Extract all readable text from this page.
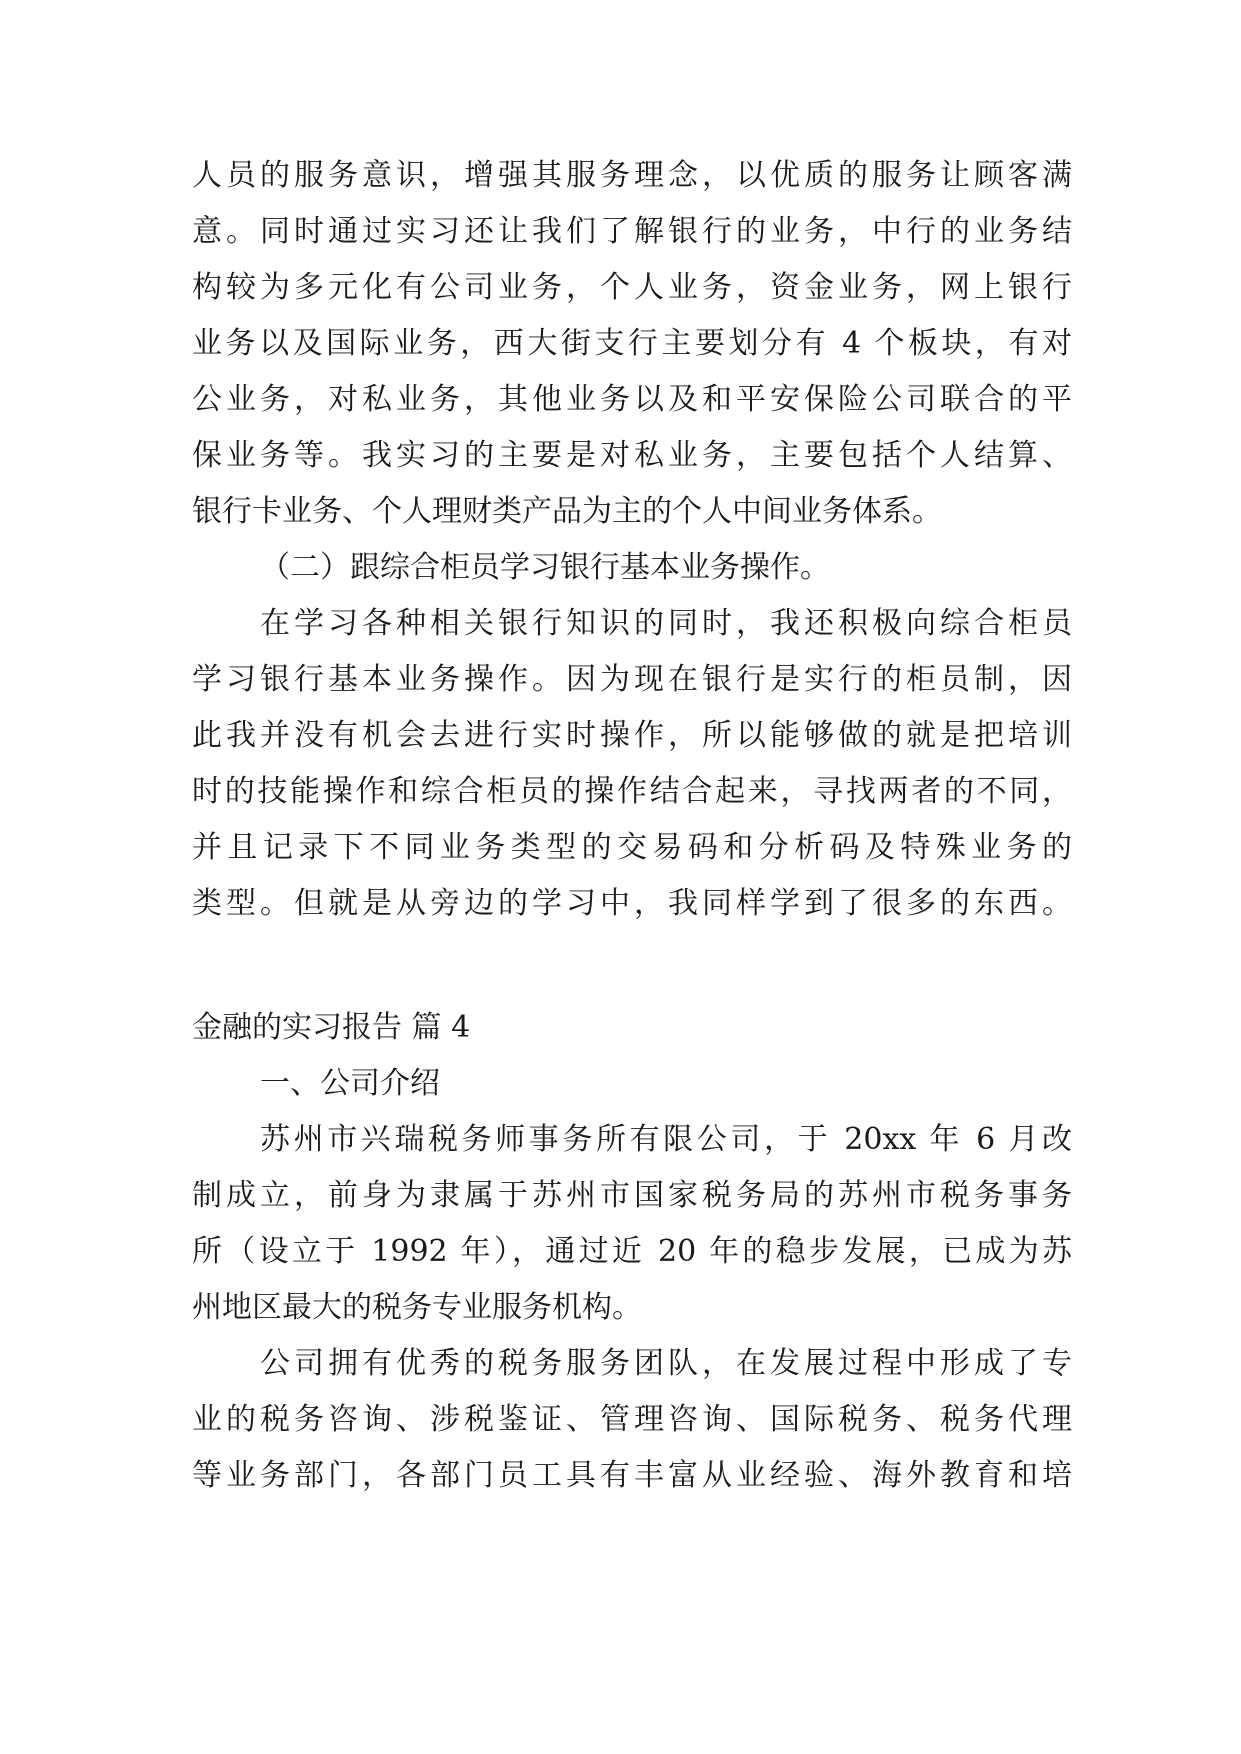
人员的服务意识，增强其服务理念，以优质的服务让顾客满
意。同时通过实习还让我们了解银行的业务，中行的业务结
构较为多元化有公司业务，个人业务，资金业务，网上银行
业务以及国际业务，西大街支行主要划分有 4 个板块，有对
公业务，对私业务，其他业务以及和平安保险公司联合的平
保业务等。我实习的主要是对私业务，主要包括个人结算、
银行卡业务、个人理财类产品为主的个人中间业务体系。
（二）跟综合柜员学习银行基本业务操作。
在学习各种相关银行知识的同时，我还积极向综合柜员
学习银行基本业务操作。因为现在银行是实行的柜员制，因
此我并没有机会去进行实时操作，所以能够做的就是把培训
时的技能操作和综合柜员的操作结合起来，寻找两者的不同，
并且记录下不同业务类型的交易码和分析码及特殊业务的
类型。但就是从旁边的学习中，我同样学到了很多的东西。
金融的实习报告 篇 4
一、公司介绍
苏州市兴瑞税务师事务所有限公司，于 20xx 年 6 月改
制成立，前身为隶属于苏州市国家税务局的苏州市税务事务
所（设立于 1992 年），通过近 20 年的稳步发展，已成为苏
州地区最大的税务专业服务机构。
公司拥有优秀的税务服务团队，在发展过程中形成了专
业的税务咨询、涉税鉴证、管理咨询、国际税务、税务代理
等业务部门，各部门员工具有丰富从业经验、海外教育和培
